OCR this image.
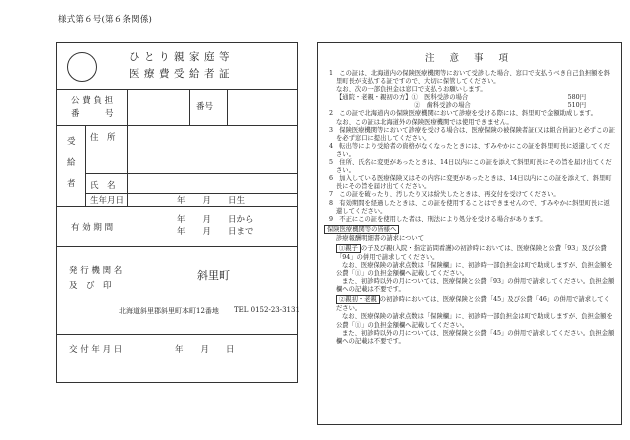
様式第６号(第６条関係)
ひとり親家庭等
医療費受給者証
公 費 負 担
番　　　号
番号
受
給
者
住　所
氏　名
生年月日	年　　月　　日生
有 効 期 間
年　　月　　日から
年　　月　　日まで
発 行 機 関 名
及　び　印
斜里町
北海道斜里郡斜里町本町12番地 TEL 0152-23-3131
交 付 年 月 日	年　　月　　日
注 意 事 項

1　この証は、北海道内の保険医療機関等において受診した場合、窓口で支払うべき自己負担額を斜里町長が支払する証ですので、大切に保管してください。

なお、次の一部負担金は窓口で支払うお願いします。

【通院・老親・親初の方】①　医科受診の場合	580円

②　歯科受診の場合	510円

2　この証で北海道内の保険医療機関において診療を受ける際には、斜里町で金額助成します。

なお、この証は北海道外の保険医療機関では使用できません。

3　保険医療機関等において診療を受ける場合は、医療保険の被保険者証(又は組合員証)と必ずこの証を必ず窓口に提出してください。

4　転出等により受給者の資格がなくなったときには、すみやかにこの証を斜里町長に返還してください。

5　住所、氏名に変更があったときは、14日以内にこの証を添えて斜里町長にその旨を届け出てください。

6　加入している医療保険又はその内容に変更があったときは、14日以内にこの証を添えて、斜里町長にその旨を届け出てください。

7　この証を破ったり、汚したり又は紛失したときは、再交付を受けてください。

8　有効期間を経過したときは、この証を使用することはできませんので、すみやかに斜里町長に返還してください。

9　不正にこの証を使用した者は、刑法により処分を受ける場合があります。

保険医療機関等の皆様へ

診療報酬明細書の請求について

①親子 の子及び親(入院・指定訪問看護)の初診時においては、医療保険と公費「93」及び公費「94」の併用で請求してください。

なお、医療保険の請求点数は「保険欄」に、初診時一部負担金は町で助成しますが、負担金額を公費「①」の負担金額欄へ記載してください。

また、初診時以外の月については、医療保険と公費「93」の併用で請求してください。負担金額欄への記載は不要です。

②親初・老親 の初診時においては、医療保険と公費「45」及び公費「46」の併用で請求してください。

なお、医療保険の請求点数は「保険欄」に、初診時一部負担金は町で助成しますが、負担金額を公費「①」の負担金額欄へ記載してください。

また、初診時以外の月については、医療保険と公費「45」の併用で請求してください。負担金額欄への記載は不要です。
